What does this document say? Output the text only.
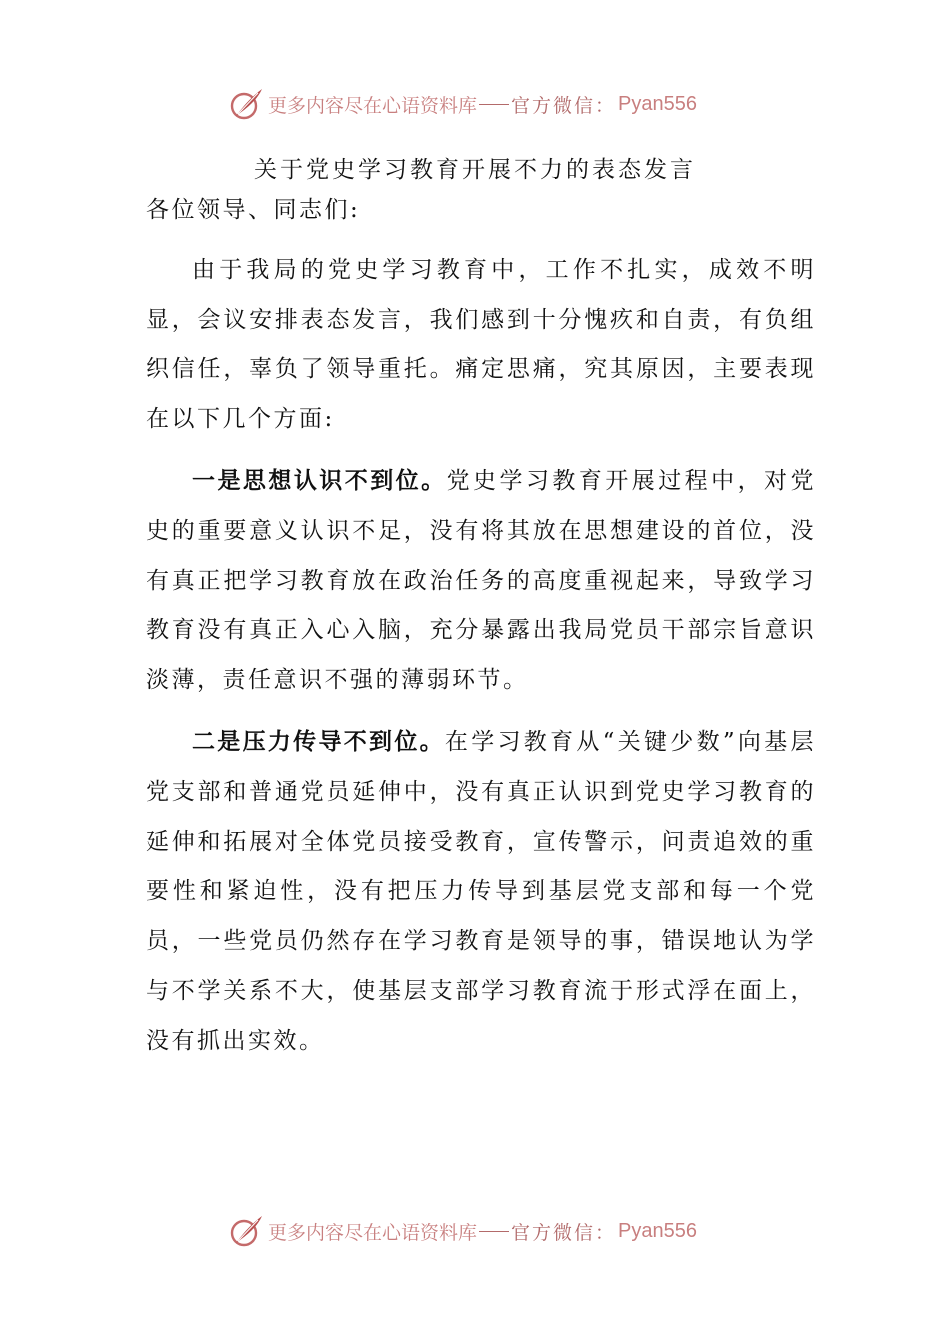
更多内容尽在心语资料库 官方微信： Pyan556
关于党史学习教育开展不力的表态发言

各位领导、同志们:

由于我局的党史学习教育中，工作不扎实，成效不明显，会议安排表态发言，我们感到十分愧疚和自责，有负组织信任，辜负了领导重托。痛定思痛，究其原因，主要表现在以下几个方面:

一是思想认识不到位。党史学习教育开展过程中，对党史的重要意义认识不足，没有将其放在思想建设的首位，没有真正把学习教育放在政治任务的高度重视起来，导致学习教育没有真正入心入脑，充分暴露出我局党员干部宗旨意识淡薄，责任意识不强的薄弱环节。

二是压力传导不到位。在学习教育从“关键少数”向基层党支部和普通党员延伸中，没有真正认识到党史学习教育的延伸和拓展对全体党员接受教育，宣传警示，问责追效的重要性和紧迫性，没有把压力传导到基层党支部和每一个党员，一些党员仍然存在学习教育是领导的事，错误地认为学与不学关系不大，使基层支部学习教育流于形式浮在面上，没有抓出实效。

更多内容尽在心语资料库 官方微信： Pyan556
